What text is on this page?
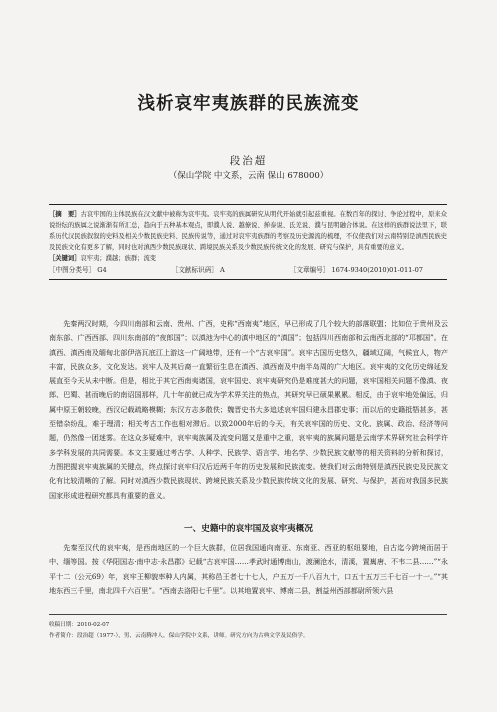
浅析哀牢夷族群的民族流变
段治超
（保山学院 中文系，云南 保山 678000）

［摘　要］古哀牢国的主体民族在汉文献中被称为哀牢夷。哀牢夷的族属研究从明代开始就引起兹重视。在数百年的探讨、争论过程中，原来众说纷纭的族属之说渐渐有所汇总，趋向于五种基本观点，即濮人说、越僚说、掸泰说、氐羌说、濮与昆明融合体说。在这样的族群说法里下，联系历代汉民族叙叙的史料及相关少数民族史料、民族传说等，通过对哀牢夷族群的考察及历史源流的梳理，不仅使我们对云南特别是滇西民族史及民族文化有更多了解，同时也对滇西少数民族现状、跨境民族关系及少数民族传统文化的发展、研究与保护，具有重要的意义。

［关键词］哀牢夷；濮越；族群；流变

［中图分类号］ G4	［文献标识码］ A	［文章编号］ 1674-9340(2010)01-011-07

先秦两汉时期，今四川南部和云南、贵州、广西，史称“西南夷”地区，早已形成了几个较大的部落联盟；比如位于贵州及云南东部、广西西部、四川东南部的“夜郎国”；以滇池为中心的滇中地区的“滇国”；包括四川西南部和云南西北部的“邛都国”。在滇西、滇西南及缅甸北部伊洛瓦底江上游这一广阔地带，还有一个“古哀牢国”。哀牢古国历史悠久，疆域辽阔，气候宜人，物产丰富，民族众多，文化发达。哀牢人及其后裔一直繁衍生息在滇西、滇西南及中南半岛周的广大地区。哀牢夷的文化历史绵延发展直至今天从未中断。但是，相比于其它西南夷诸国，哀牢国史、哀牢夷研究仍是难度甚大的问题，哀牢国相关问题不像滇、夜郎、巴蜀、甚而晚后的南诏国那样，几十年前就已成为学术界关注的热点，其研究早已硕果累累。相反，由于哀牢地处偏远，归属中原王朝较晚，西汉记载疏略模糊；东汉方志多散佚；魏晋史书大多追述哀牢国归建永昌郡史事；而以后的史籍抵牾甚多，甚至错杂纷乱，难于理清；相关考古工作也相对滞后。以致2000年后的今天，有关哀牢国的历史、文化、族属、政治、经济等问题，仍然像一团迷雾。在这众多疑难中，哀牢夷族属及流变问题又是重中之重，哀牢夷的族属问题是云南学术界研究社会科学许多学科发展的共同需要。本文主要通过考古学、人种学、民族学、语言学、地名学、少数民族文献等的相关资料的分析和探讨，力图把握哀牢夷族属的关键点，终点探讨哀牢归汉后近两千年的历史发展和民族流变。使我们对云南特别是滇西民族史及民族文化有比较清晰的了解。同时对滇西少数民族现状、跨境民族关系及少数民族传统文化的发展、研究、与保护，甚而对我国多民族国家形成进程研究都具有重要的意义。

一、史籍中的哀牢国及哀牢夷概况

先秦至汉代的哀牢夷，是西南地区的一个巨大族群，位居我国通向南亚、东南亚、西亚的枢纽要地，自古迄今跨境而居于中、缅等国。按《华阳国志·南中志·永昌郡》记载“古哀牢国……孝武时通博南山，渡澜沧水，清溪，置嶲唐、不韦二县……”“永平十二（公元69）年，哀牢王柳貌率种人内属，其称邑王者七十七人，户五万一千八百九十，口五十五万三千七百一十一。”“其地东西三千里，南北四千六百里”。“西南去洛阳七千里”。以其地置哀牢、博南二县，割益州西部都尉所领六县

收稿日期：2010-02-07

作者简介：段治超（1977-），男，云南腾冲人，保山学院中文系，讲师。研究方向为古典文学及民俗学。
